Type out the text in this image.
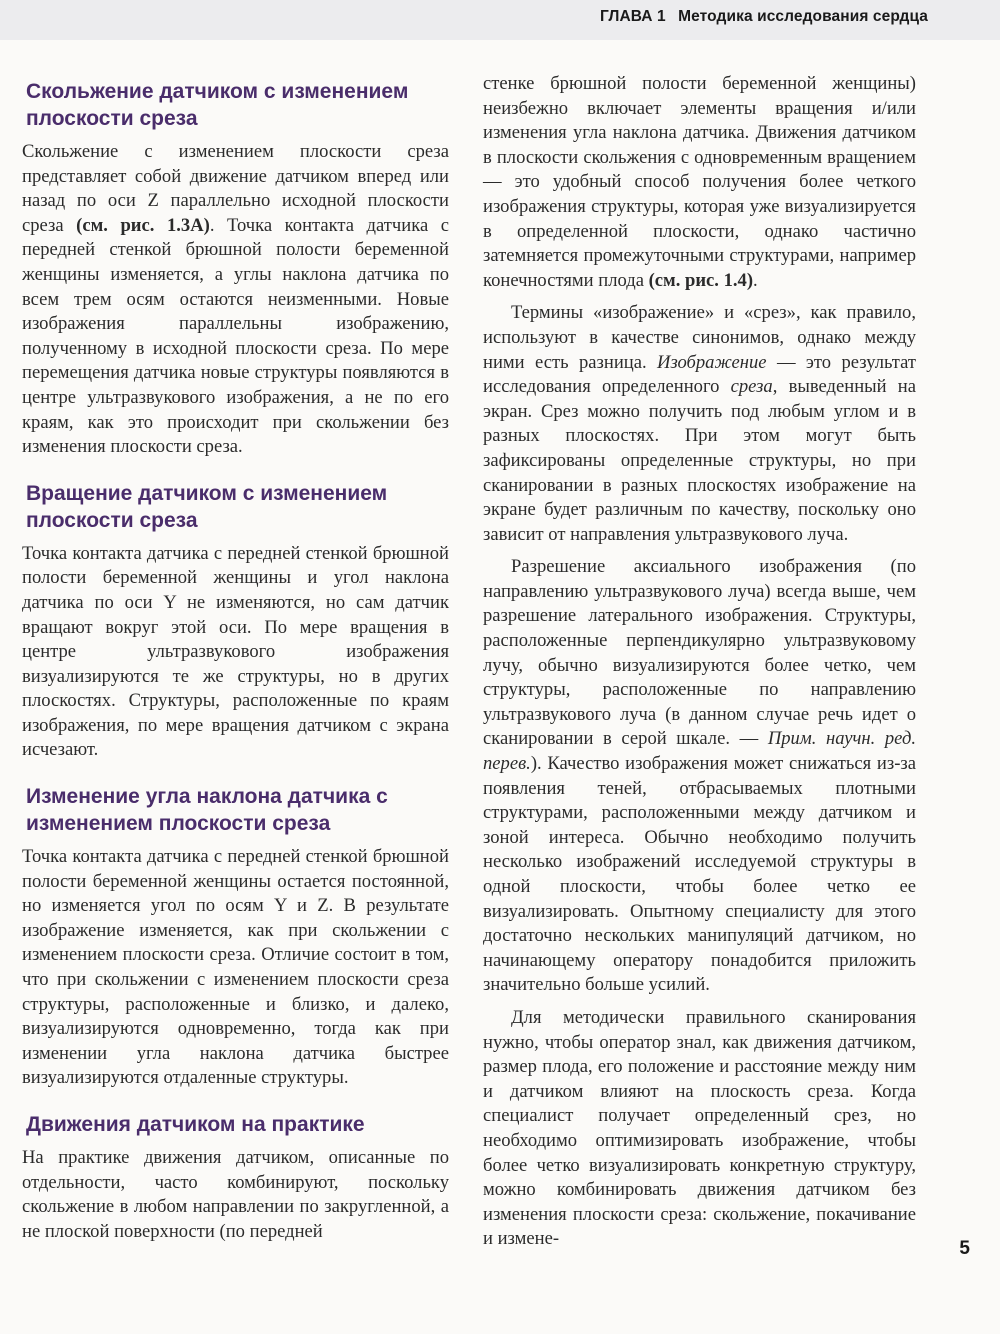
ГЛАВА 1 Методика исследования сердца
Скольжение датчиком с изменением плоскости среза

Скольжение с изменением плоскости среза представляет собой движение датчиком вперед или назад по оси Z параллельно исходной плоскости среза (см. рис. 1.3А). Точка контакта датчика с передней стенкой брюшной полости беременной женщины изменяется, а углы наклона датчика по всем трем осям остаются неизменными. Новые изображения параллельны изображению, полученному в исходной плоскости среза. По мере перемещения датчика новые структуры появляются в центре ультразвукового изображения, а не по его краям, как это происходит при скольжении без изменения плоскости среза.

Вращение датчиком с изменением плоскости среза

Точка контакта датчика с передней стенкой брюшной полости беременной женщины и угол наклона датчика по оси Y не изменяются, но сам датчик вращают вокруг этой оси. По мере вращения в центре ультразвукового изображения визуализируются те же структуры, но в других плоскостях. Структуры, расположенные по краям изображения, по мере вращения датчиком с экрана исчезают.

Изменение угла наклона датчика с изменением плоскости среза

Точка контакта датчика с передней стенкой брюшной полости беременной женщины остается постоянной, но изменяется угол по осям Y и Z. В результате изображение изменяется, как при скольжении с изменением плоскости среза. Отличие состоит в том, что при скольжении с изменением плоскости среза структуры, расположенные и близко, и далеко, визуализируются одновременно, тогда как при изменении угла наклона датчика быстрее визуализируются отдаленные структуры.

Движения датчиком на практике

На практике движения датчиком, описанные по отдельности, часто комбинируют, поскольку скольжение в любом направлении по закругленной, а не плоской поверхности (по передней

стенке брюшной полости беременной женщины) неизбежно включает элементы вращения и/или изменения угла наклона датчика. Движения датчиком в плоскости скольжения с одновременным вращением — это удобный способ получения более четкого изображения структуры, которая уже визуализируется в определенной плоскости, однако частично затемняется промежуточными структурами, например конечностями плода (см. рис. 1.4).

Термины «изображение» и «срез», как правило, используют в качестве синонимов, однако между ними есть разница. Изображение — это результат исследования определенного среза, выведенный на экран. Срез можно получить под любым углом и в разных плоскостях. При этом могут быть зафиксированы определенные структуры, но при сканировании в разных плоскостях изображение на экране будет различным по качеству, поскольку оно зависит от направления ультразвукового луча.

Разрешение аксиального изображения (по направлению ультразвукового луча) всегда выше, чем разрешение латерального изображения. Структуры, расположенные перпендикулярно ультразвуковому лучу, обычно визуализируются более четко, чем структуры, расположенные по направлению ультразвукового луча (в данном случае речь идет о сканировании в серой шкале. — Прим. научн. ред. перев.). Качество изображения может снижаться из-за появления теней, отбрасываемых плотными структурами, расположенными между датчиком и зоной интереса. Обычно необходимо получить несколько изображений исследуемой структуры в одной плоскости, чтобы более четко ее визуализировать. Опытному специалисту для этого достаточно нескольких манипуляций датчиком, но начинающему оператору понадобится приложить значительно больше усилий.

Для методически правильного сканирования нужно, чтобы оператор знал, как движения датчиком, размер плода, его положение и расстояние между ним и датчиком влияют на плоскость среза. Когда специалист получает определенный срез, но необходимо оптимизировать изображение, чтобы более четко визуализировать конкретную структуру, можно комбинировать движения датчиком без изменения плоскости среза: скольжение, покачивание и измене-	5
